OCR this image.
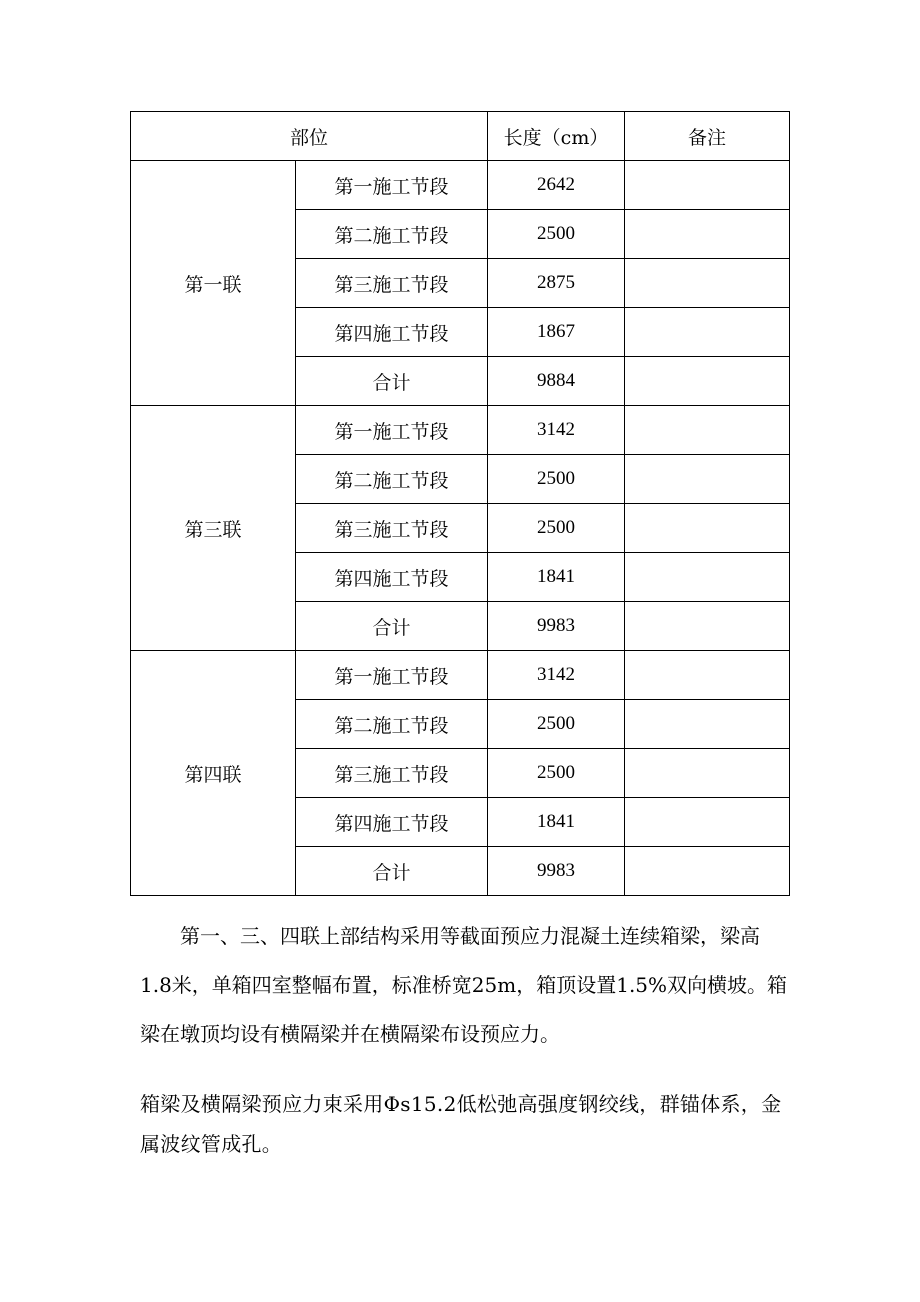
部位		长度（cm）	备注
第一联	第一施工节段	2642	
	第二施工节段	2500	
	第三施工节段	2875	
	第四施工节段	1867	
	合计	9884	
第三联	第一施工节段	3142	
	第二施工节段	2500	
	第三施工节段	2500	
	第四施工节段	1841	
	合计	9983	
第四联	第一施工节段	3142	
	第二施工节段	2500	
	第三施工节段	2500	
	第四施工节段	1841	
	合计	9983	
第一、三、四联上部结构采用等截面预应力混凝土连续箱梁，梁高1.8米，单箱四室整幅布置，标准桥宽25m，箱顶设置1.5%双向横坡。箱梁在墩顶均设有横隔梁并在横隔梁布设预应力。
箱梁及横隔梁预应力束采用Φs15.2低松弛高强度钢绞线，群锚体系，金属波纹管成孔。
